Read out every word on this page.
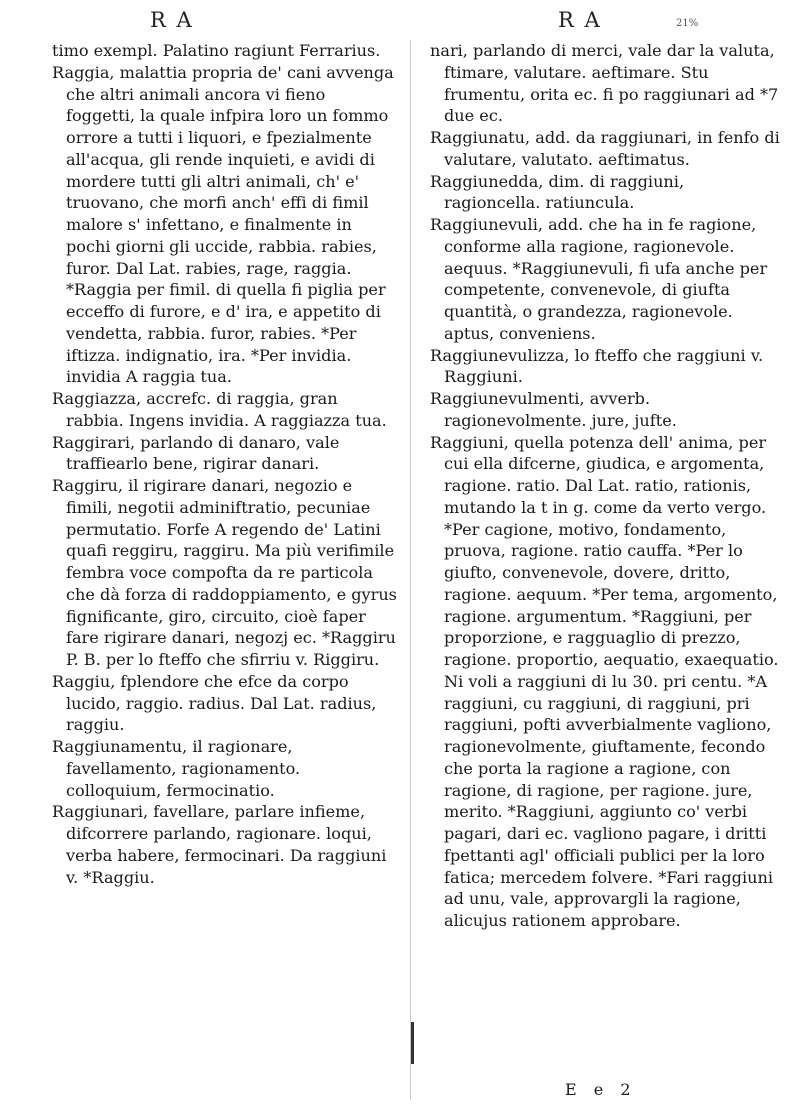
R A	R A	21%

timo exempl. Palatino ragiunt Ferrarius.

Raggia, malattia propria de' cani avvenga che altri animali ancora vi fieno foggetti, la quale infpira loro un fommo orrore a tutti i liquori, e fpezialmente all'acqua, gli rende inquieti, e avidi di mordere tutti gli altri animali, ch' e' truovano, che morfi anch' effi di fimil malore s' infettano, e finalmente in pochi giorni gli uccide, rabbia. rabies, furor. Dal Lat. rabies, rage, raggia. *Raggia per fimil. di quella fi piglia per ecceffo di furore, e d' ira, e appetito di vendetta, rabbia. furor, rabies. *Per iftizza. indignatio, ira. *Per invidia. invidia A raggia tua.

Raggiazza, accrefc. di raggia, gran rabbia. Ingens invidia. A raggiazza tua.

Raggirari, parlando di danaro, vale traffiearlo bene, rigirar danari.

Raggiru, il rigirare danari, negozio e fimili, negotii adminiftratio, pecuniae permutatio. Forfe A regendo de' Latini quafi reggiru, raggiru. Ma più verifimile fembra voce compofta da re particola che dà forza di raddoppiamento, e gyrus fignificante, giro, circuito, cioè faper fare rigirare danari, negozj ec. *Raggiru P. B. per lo fteffo che sfirriu v. Riggiru.

Raggiu, fplendore che efce da corpo lucido, raggio. radius. Dal Lat. radius, raggiu.

Raggiunamentu, il ragionare, favellamento, ragionamento. colloquium, fermocinatio.

Raggiunari, favellare, parlare infieme, difcorrere parlando, ragionare. loqui, verba habere, fermocinari. Da raggiuni v. *Raggiu.

nari, parlando di merci, vale dar la valuta, ftimare, valutare. aeftimare. Stu frumentu, orita ec. fi po raggiunari ad *7 due ec.

Raggiunatu, add. da raggiunari, in fenfo di valutare, valutato. aeftimatus.

Raggiunedda, dim. di raggiuni, ragioncella. ratiuncula.

Raggiunevuli, add. che ha in fe ragione, conforme alla ragione, ragionevole. aequus. *Raggiunevuli, fi ufa anche per competente, convenevole, di giufta quantità, o grandezza, ragionevole. aptus, conveniens.

Raggiunevulizza, lo fteffo che raggiuni v. Raggiuni.

Raggiunevulmenti, avverb. ragionevolmente. jure, jufte.

Raggiuni, quella potenza dell' anima, per cui ella difcerne, giudica, e argomenta, ragione. ratio. Dal Lat. ratio, rationis, mutando la t in g. come da verto vergo. *Per cagione, motivo, fondamento, pruova, ragione. ratio cauffa. *Per lo giufto, convenevole, dovere, dritto, ragione. aequum. *Per tema, argomento, ragione. argumentum. *Raggiuni, per proporzione, e ragguaglio di prezzo, ragione. proportio, aequatio, exaequatio. Ni voli a raggiuni di lu 30. pri centu. *A raggiuni, cu raggiuni, di raggiuni, pri raggiuni, pofti avverbialmente vagliono, ragionevolmente, giuftamente, fecondo che porta la ragione a ragione, con ragione, di ragione, per ragione. jure, merito. *Raggiuni, aggiunto co' verbi pagari, dari ec. vagliono pagare, i dritti fpettanti agl' officiali publici per la loro fatica; mercedem folvere. *Fari raggiuni ad unu, vale, approvargli la ragione, alicujus rationem approbare.

E e 2
